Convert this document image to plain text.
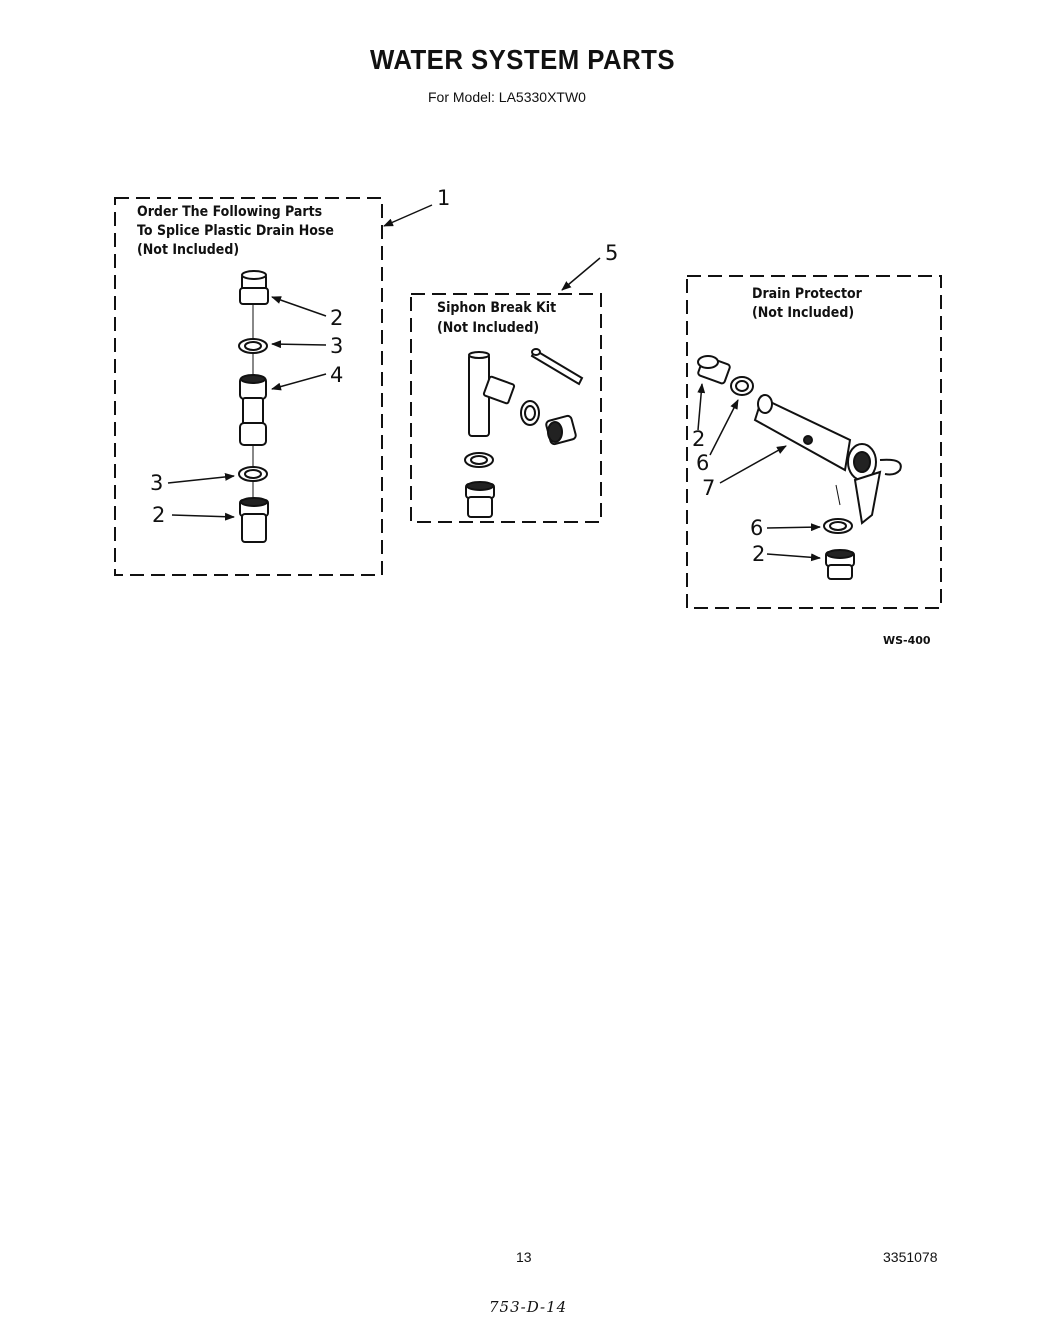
WATER SYSTEM PARTS
For Model: LA5330XTW0
Order The Following Parts
To Splice Plastic Drain Hose
(Not Included)
1
Siphon Break Kit
(Not Included)
5
Drain Protector
(Not Included)
2
3
4
3
2
2
6
7
6
2
WS-400
13	3351078
753-D-14
